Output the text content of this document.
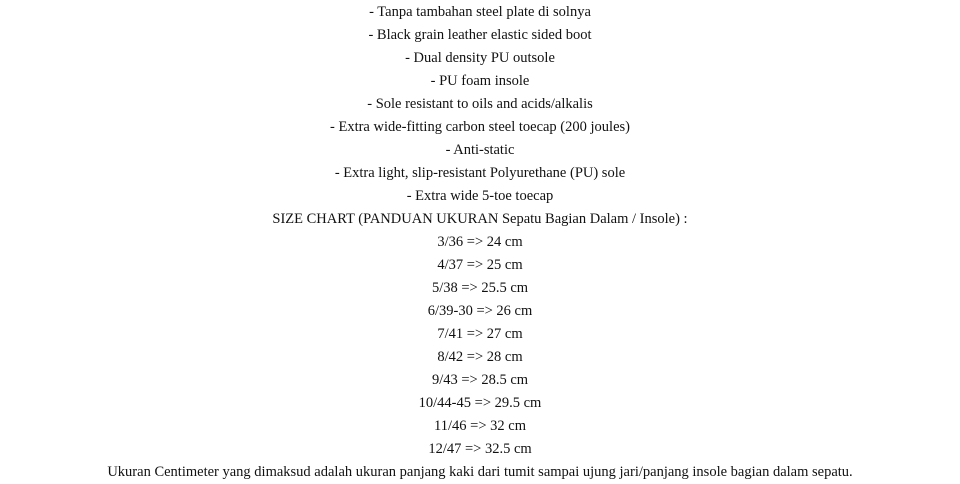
- Tanpa tambahan steel plate di solnya
- Black grain leather elastic sided boot
- Dual density PU outsole
- PU foam insole
- Sole resistant to oils and acids/alkalis
- Extra wide-fitting carbon steel toecap (200 joules)
- Anti-static
- Extra light, slip-resistant Polyurethane (PU) sole
- Extra wide 5-toe toecap
SIZE CHART (PANDUAN UKURAN Sepatu Bagian Dalam / Insole) :
3/36 => 24 cm
4/37 => 25 cm
5/38 => 25.5 cm
6/39-30 => 26 cm
7/41 => 27 cm
8/42 => 28 cm
9/43 => 28.5 cm
10/44-45 => 29.5 cm
11/46 => 32 cm
12/47 => 32.5 cm
Ukuran Centimeter yang dimaksud adalah ukuran panjang kaki dari tumit sampai ujung jari/panjang insole bagian dalam sepatu.
